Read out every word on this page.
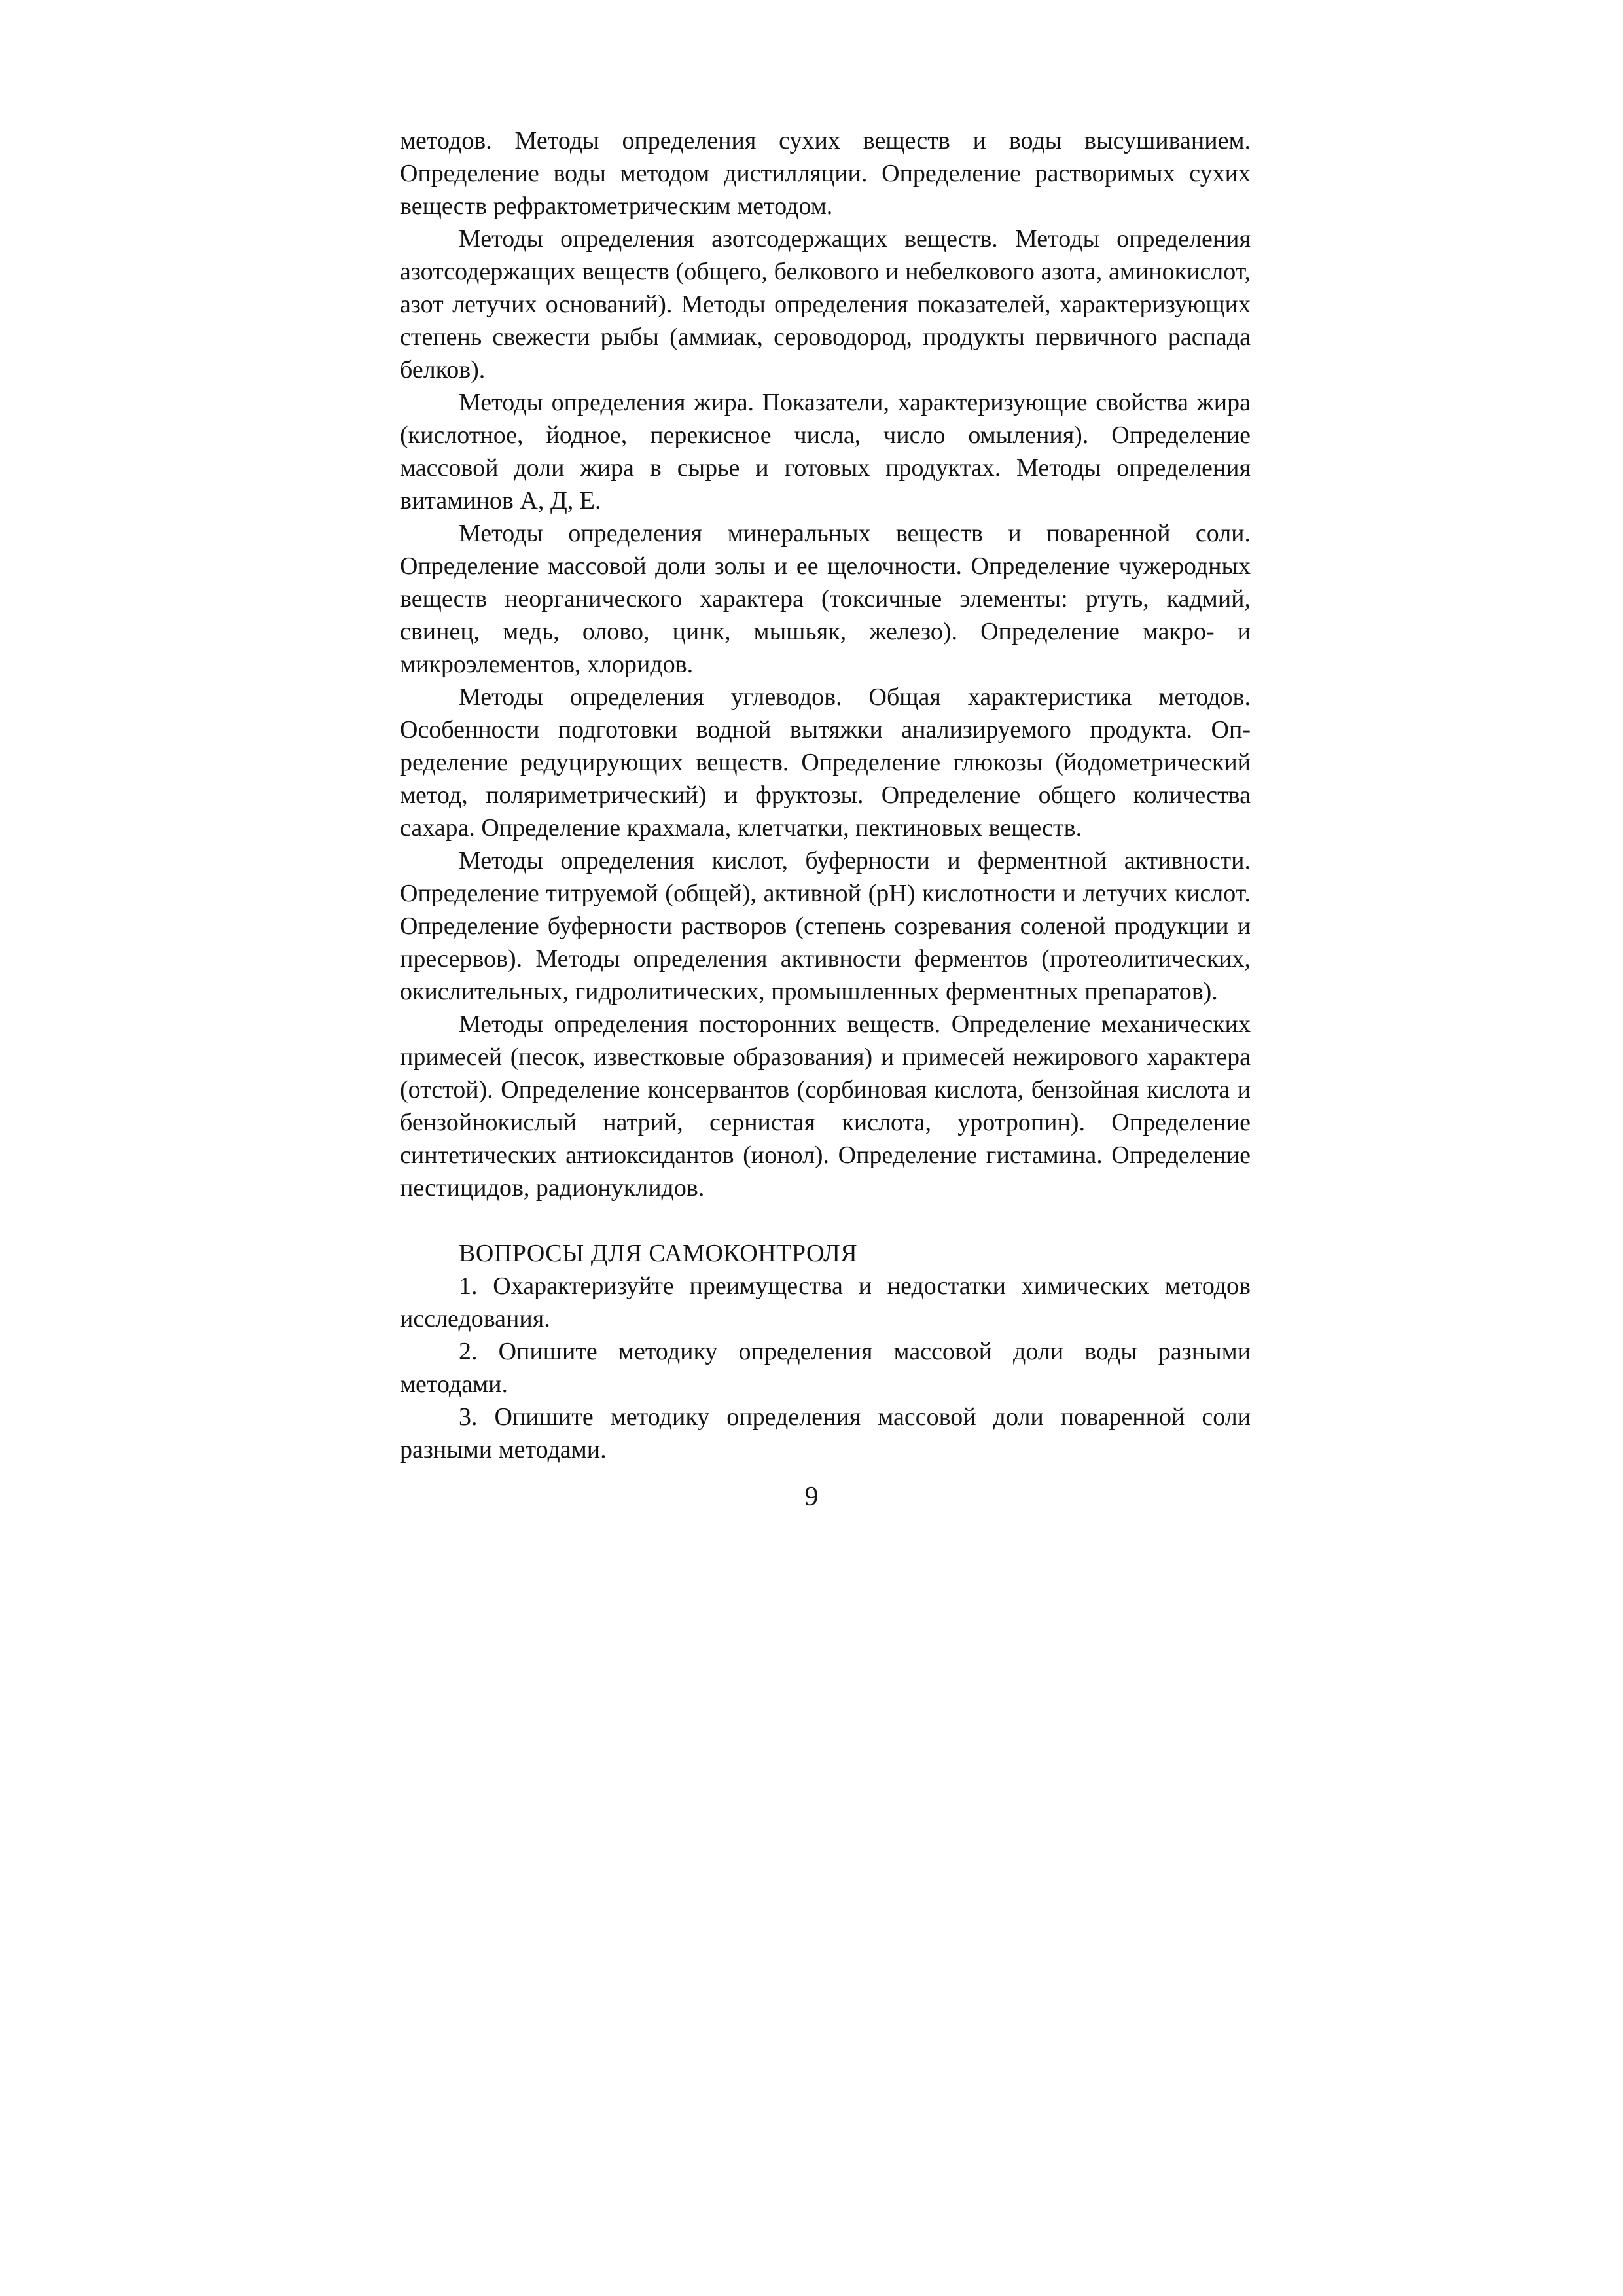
методов. Методы определения сухих веществ и воды высушиванием. Определение воды методом дистилляции. Определение растворимых сухих веществ рефрактометрическим методом.

Методы определения азотсодержащих веществ. Методы определения азотсодержащих веществ (общего, белкового и небелкового азота, аминокислот, азот летучих оснований). Методы определения показателей, характеризующих степень свежести рыбы (аммиак, сероводород, продукты первичного распада белков).

Методы определения жира. Показатели, характеризующие свойства жира (кислотное, йодное, перекисное числа, число омыления). Определение массовой доли жира в сырье и готовых продуктах. Методы определения витаминов А, Д, Е.

Методы определения минеральных веществ и поваренной соли. Определение массовой доли золы и ее щелочности. Определение чужеродных веществ неорганического характера (токсичные элементы: ртуть, кадмий, свинец, медь, олово, цинк, мышьяк, железо). Определение макро- и микроэлементов, хлоридов.

Методы определения углеводов. Общая характеристика методов. Особенности подготовки водной вытяжки анализируемого продукта. Определение редуцирующих веществ. Определение глюкозы (йодометрический метод, поляриметрический) и фруктозы. Определение общего количества сахара. Определение крахмала, клетчатки, пектиновых веществ.

Методы определения кислот, буферности и ферментной активности. Определение титруемой (общей), активной (pH) кислотности и летучих кислот. Определение буферности растворов (степень созревания соленой продукции и пресервов). Методы определения активности ферментов (протеолитических, окислительных, гидролитических, промышленных ферментных препаратов).

Методы определения посторонних веществ. Определение механических примесей (песок, известковые образования) и примесей нежирового характера (отстой). Определение консервантов (сорбиновая кислота, бензойная кислота и бензойнокислый натрий, сернистая кислота, уротропин). Определение синтетических антиоксидантов (ионол). Определение гистамина. Определение пестицидов, радионуклидов.

ВОПРОСЫ ДЛЯ САМОКОНТРОЛЯ

1. Охарактеризуйте преимущества и недостатки химических методов исследования.

2. Опишите методику определения массовой доли воды разными методами.

3. Опишите методику определения массовой доли поваренной соли разными методами.

9
